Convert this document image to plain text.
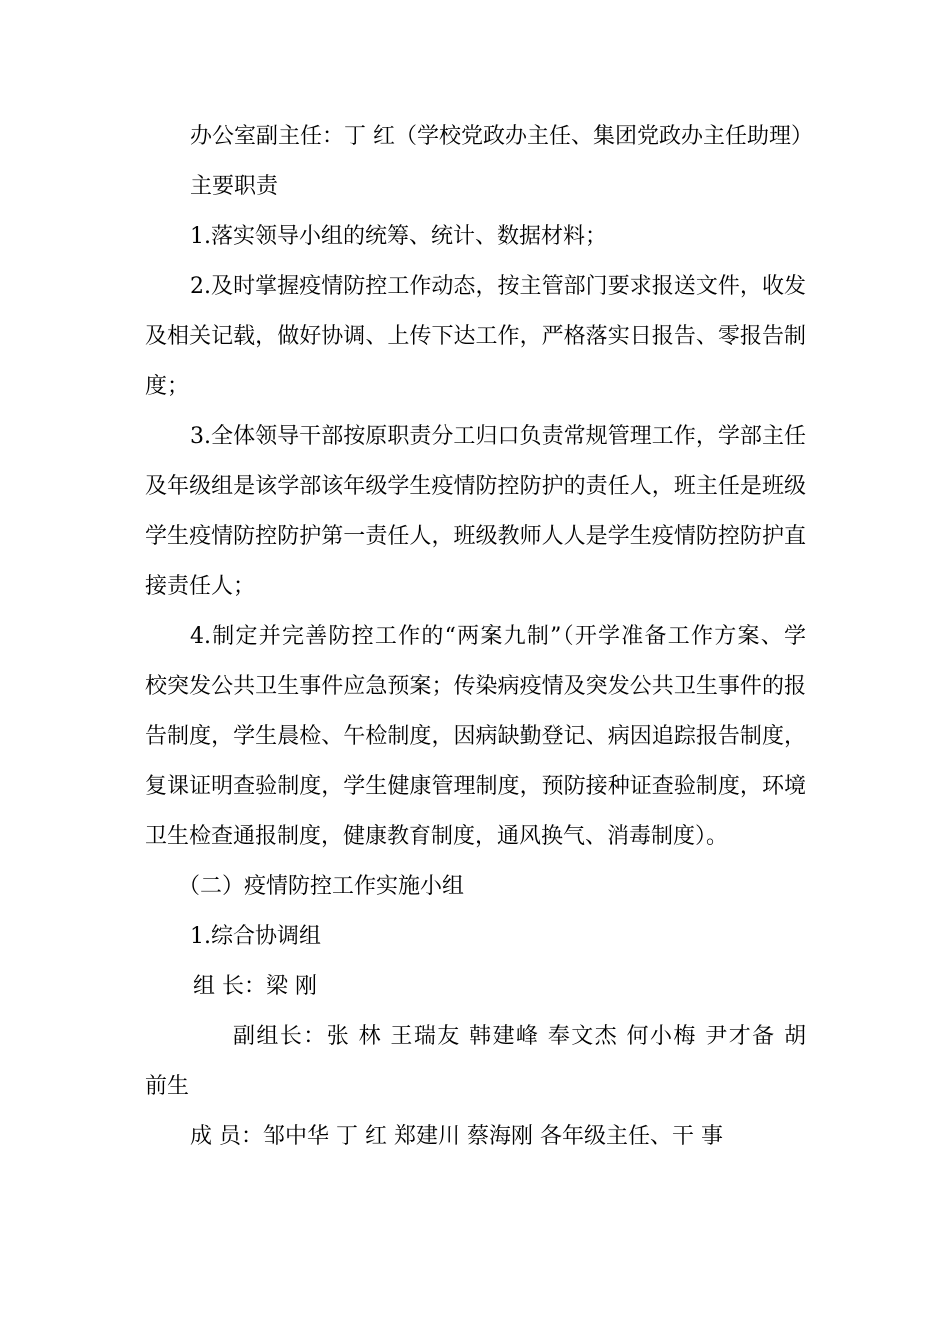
办公室副主任：丁 红（学校党政办主任、集团党政办主任助理）
主要职责
1.落实领导小组的统筹、统计、数据材料；
2.及时掌握疫情防控工作动态，按主管部门要求报送文件，收发
及相关记载，做好协调、上传下达工作，严格落实日报告、零报告制
度；
3.全体领导干部按原职责分工归口负责常规管理工作，学部主任
及年级组是该学部该年级学生疫情防控防护的责任人，班主任是班级
学生疫情防控防护第一责任人，班级教师人人是学生疫情防控防护直
接责任人；
4.制定并完善防控工作的“两案九制”（开学准备工作方案、学
校突发公共卫生事件应急预案；传染病疫情及突发公共卫生事件的报
告制度，学生晨检、午检制度，因病缺勤登记、病因追踪报告制度，
复课证明查验制度，学生健康管理制度，预防接种证查验制度，环境
卫生检查通报制度，健康教育制度，通风换气、消毒制度）。
（二）疫情防控工作实施小组
1.综合协调组
组 长：梁 刚
副组长：张 林 王瑞友 韩建峰 奉文杰 何小梅 尹才备 胡
前生
成 员：邹中华 丁 红 郑建川 蔡海刚 各年级主任、干 事
